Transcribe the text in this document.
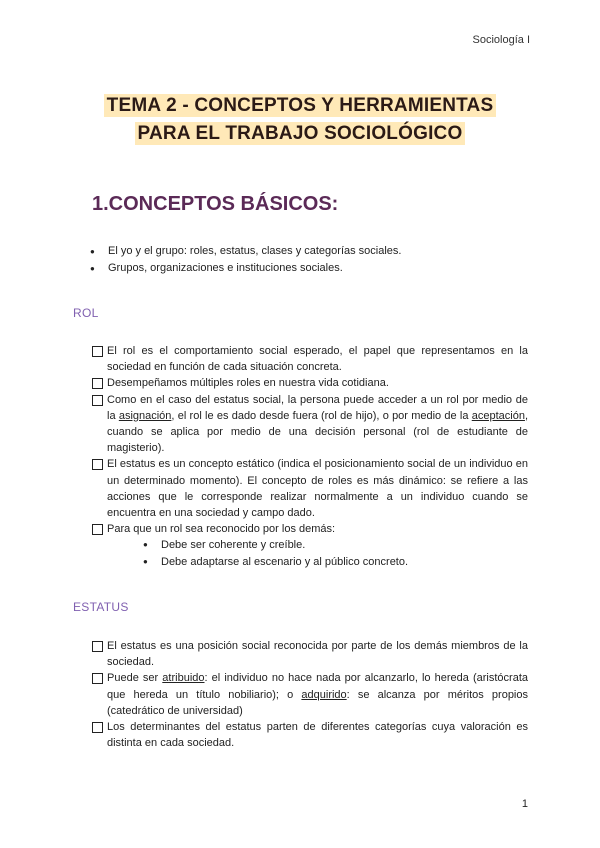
Sociología I
TEMA 2 - CONCEPTOS Y HERRAMIENTAS
PARA EL TRABAJO SOCIOLÓGICO
1.CONCEPTOS BÁSICOS:
● El yo y el grupo: roles, estatus, clases y categorías sociales.
● Grupos, organizaciones e instituciones sociales.
ROL
El rol es el comportamiento social esperado, el papel que representamos en la sociedad en función de cada situación concreta.
Desempeñamos múltiples roles en nuestra vida cotidiana.
Como en el caso del estatus social, la persona puede acceder a un rol por medio de la asignación, el rol le es dado desde fuera (rol de hijo), o por medio de la aceptación, cuando se aplica por medio de una decisión personal (rol de estudiante de magisterio).
El estatus es un concepto estático (indica el posicionamiento social de un individuo en un determinado momento). El concepto de roles es más dinámico: se refiere a las acciones que le corresponde realizar normalmente a un individuo cuando se encuentra en una sociedad y campo dado.
Para que un rol sea reconocido por los demás:
● Debe ser coherente y creíble.
● Debe adaptarse al escenario y al público concreto.
ESTATUS
El estatus es una posición social reconocida por parte de los demás miembros de la sociedad.
Puede ser atribuido: el individuo no hace nada por alcanzarlo, lo hereda (aristócrata que hereda un título nobiliario); o adquirido: se alcanza por méritos propios (catedrático de universidad)
Los determinantes del estatus parten de diferentes categorías cuya valoración es distinta en cada sociedad.
1
